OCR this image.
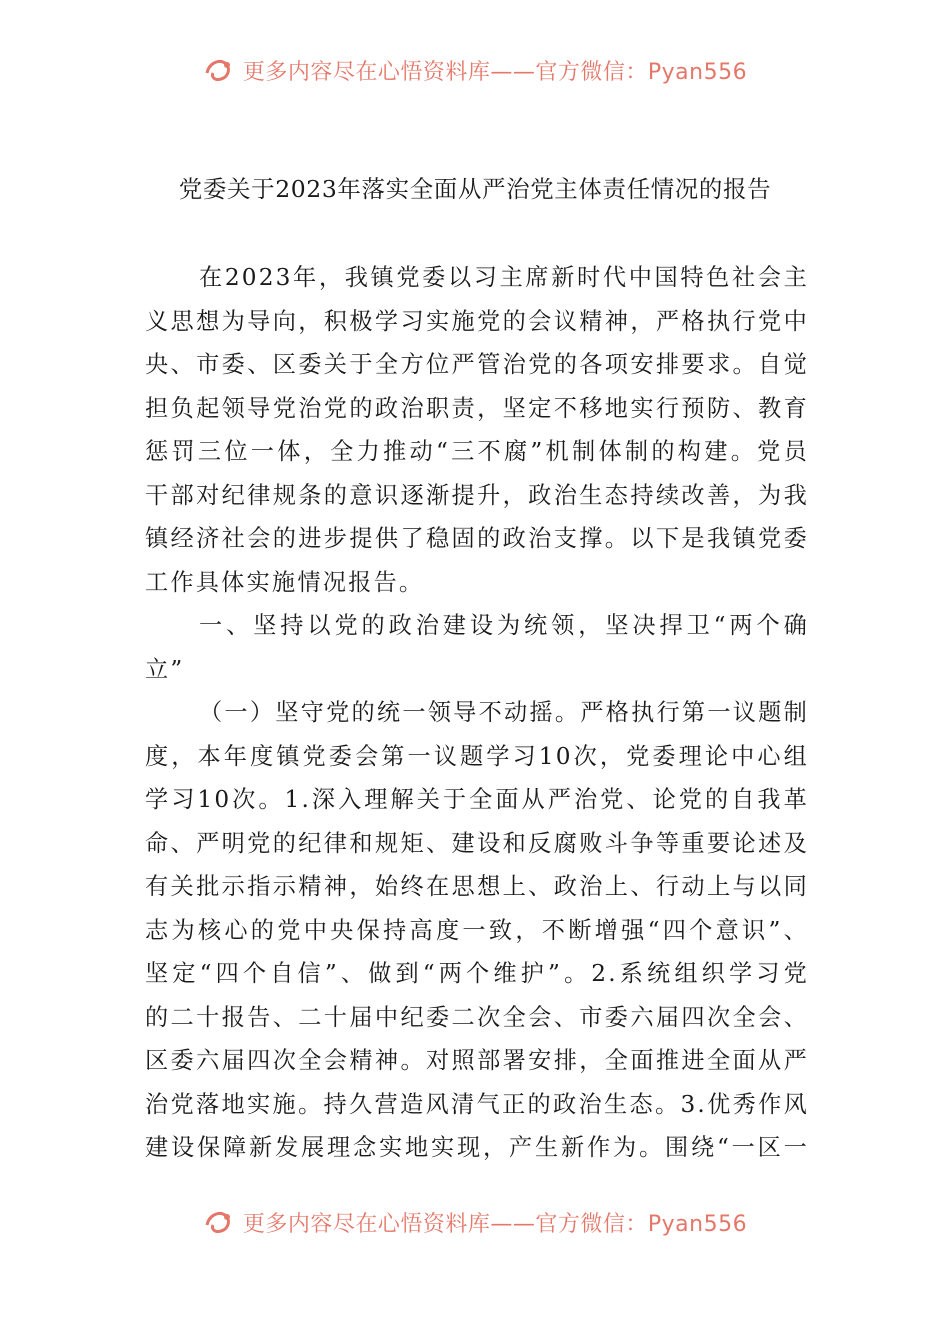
更多内容尽在心悟资料库——官方微信：Pyan556
党委关于2023年落实全面从严治党主体责任情况的报告
在2023年，我镇党委以习主席新时代中国特色社会主
义思想为导向，积极学习实施党的会议精神，严格执行党中
央、市委、区委关于全方位严管治党的各项安排要求。自觉
担负起领导党治党的政治职责，坚定不移地实行预防、教育
惩罚三位一体，全力推动“三不腐”机制体制的构建。党员
干部对纪律规条的意识逐渐提升，政治生态持续改善，为我
镇经济社会的进步提供了稳固的政治支撑。以下是我镇党委
工作具体实施情况报告。
一、坚持以党的政治建设为统领，坚决捍卫“两个确
立”
（一）坚守党的统一领导不动摇。严格执行第一议题制
度，本年度镇党委会第一议题学习10次，党委理论中心组
学习10次。1.深入理解关于全面从严治党、论党的自我革
命、严明党的纪律和规矩、建设和反腐败斗争等重要论述及
有关批示指示精神，始终在思想上、政治上、行动上与以同
志为核心的党中央保持高度一致，不断增强“四个意识”、
坚定“四个自信”、做到“两个维护”。2.系统组织学习党
的二十报告、二十届中纪委二次全会、市委六届四次全会、
区委六届四次全会精神。对照部署安排，全面推进全面从严
治党落地实施。持久营造风清气正的政治生态。3.优秀作风
建设保障新发展理念实地实现，产生新作为。围绕“一区一
更多内容尽在心悟资料库——官方微信：Pyan556
